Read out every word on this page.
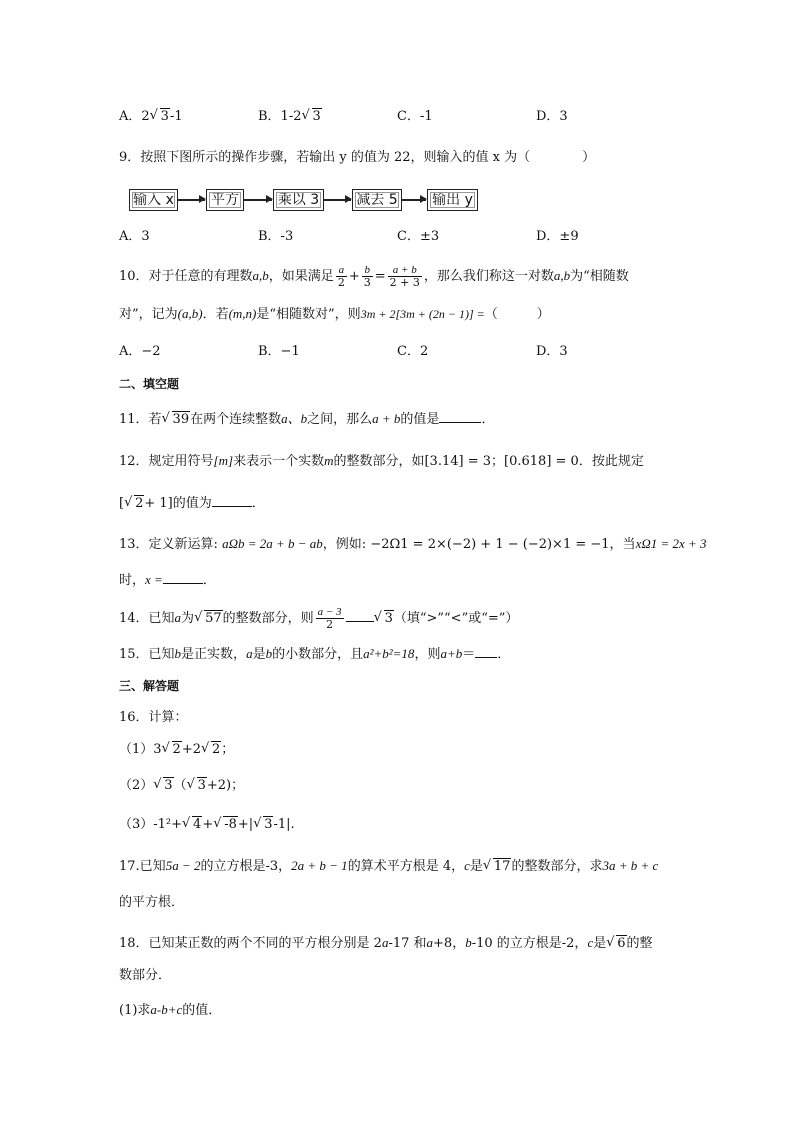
A．2 √ 3-1	B．1-2 √ 3	C．-1	D．3
9．按照下图所示的操作步骤，若输出 y 的值为 22，则输入的值 x 为（　　　　）
输入 x	平方	乘以 3	减去 5	输出 y
A．3	B．-3	C．±3	D．±9
10．对于任意的有理数a,b，如果满足 $\frac{a}{2} + \frac{b}{3} = \frac{a + b}{2 + 3}$ ，那么我们称这一对数a,b为“相随数
对”，记为(a,b)．若(m,n)是“相随数对”，则3m + 2[3m + (2n − 1)] =（　　　）
A．−2	B．−1	C．2	D．3
二、填空题
11．若 √ 39在两个连续整数a、b之间，那么a + b的值是	．
12．规定用符号[m]来表示一个实数m的整数部分，如[3.14] = 3；[0.618] = 0．按此规定
[ √ 2+ 1]的值为	．
13．定义新运算: aΩb = 2a + b − ab，例如: −2Ω1 = 2×(−2) + 1 − (−2)×1 = −1，当xΩ1 = 2x + 3
时，x =	．
14．已知a为 √ 57的整数部分，则 $\frac{a - 3}{2}$	√ 3（填“>”“<”或“=”）
15．已知b是正实数，a是b的小数部分，且a²+b²=18，则a+b＝ ．
三、解答题
16．计算：
（1）3 √ 2+2 √ 2；
（2） √ 3（ √ 3+2)；
（3）-1²+ √ 4+ √ -8+| √ 3-1|.
17.已知5a − 2的立方根是-3，2a + b − 1的算术平方根是 4，c是 √ 17的整数部分，求3a + b + c
的平方根．
18．已知某正数的两个不同的平方根分别是 2a-17 和a+8，b-10 的立方根是-2，c是 √ 6的整
数部分．
(1)求a-b+c的值．
